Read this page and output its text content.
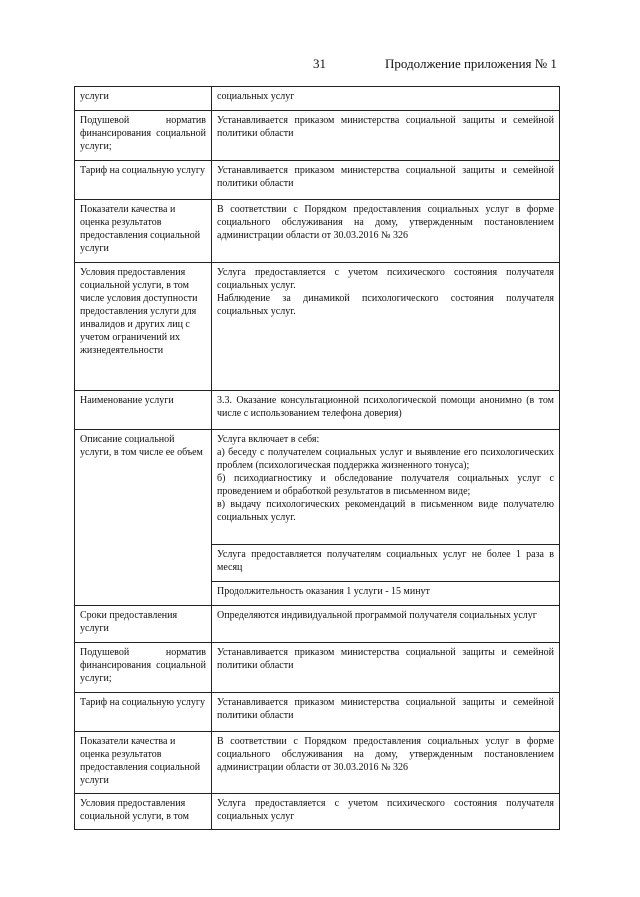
31	Продолжение приложения № 1
услуги	социальных услуг

Подушевой норматив финансирования социальной услуги;	Устанавливается приказом министерства социальной защиты и семейной политики области

Тариф на социальную услугу	Устанавливается приказом министерства социальной защиты и семейной политики области

Показатели качества и оценка результатов предоставления социальной услуги	В соответствии с Порядком предоставления социальных услуг в форме социального обслуживания на дому, утвержденным постановлением администрации области от 30.03.2016 № 326

Условия предоставления социальной услуги, в том числе условия доступности предоставления услуги для инвалидов и других лиц с учетом ограничений их жизнедеятельности	Услуга предоставляется с учетом психического состояния получателя социальных услуг.

Наблюдение за динамикой психологического состояния получателя социальных услуг.

Наименование услуги	3.3. Оказание консультационной психологической помощи анонимно (в том числе с использованием телефона доверия)

Описание социальной услуги, в том числе ее объем	Услуга включает в себя:

а) беседу с получателем социальных услуг и выявление его психологических проблем (психологическая поддержка жизненного тонуса);

б) психодиагностику и обследование получателя социальных услуг с проведением и обработкой результатов в письменном виде;

в) выдачу психологических рекомендаций в письменном виде получателю социальных услуг.

	Услуга предоставляется получателям социальных услуг не более 1 раза в месяц

	Продолжительность оказания 1 услуги - 15 минут

Сроки предоставления услуги	Определяются индивидуальной программой получателя социальных услуг

Подушевой норматив финансирования социальной услуги;	Устанавливается приказом министерства социальной защиты и семейной политики области

Тариф на социальную услугу	Устанавливается приказом министерства социальной защиты и семейной политики области

Показатели качества и оценка результатов предоставления социальной услуги	В соответствии с Порядком предоставления социальных услуг в форме социального обслуживания на дому, утвержденным постановлением администрации области от 30.03.2016 № 326

Условия предоставления социальной услуги, в том	Услуга предоставляется с учетом психического состояния получателя социальных услуг
